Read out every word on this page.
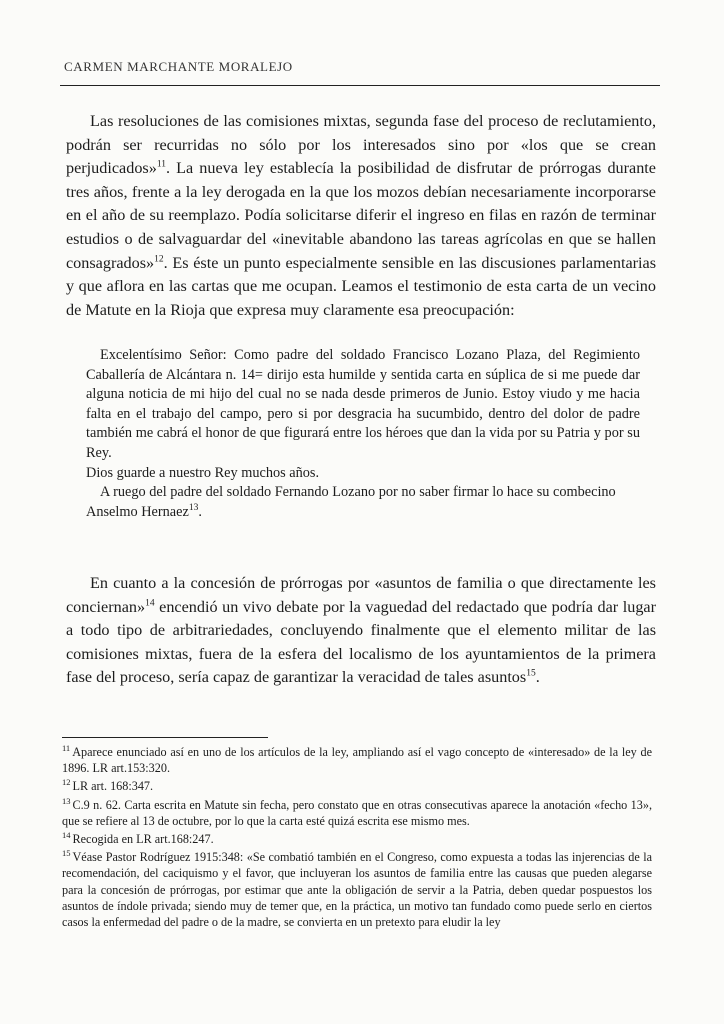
CARMEN MARCHANTE MORALEJO

Las resoluciones de las comisiones mixtas, segunda fase del proceso de reclutamiento, podrán ser recurridas no sólo por los interesados sino por «los que se crean perjudicados»$^{11}$. La nueva ley establecía la posibilidad de disfrutar de prórrogas durante tres años, frente a la ley derogada en la que los mozos debían necesariamente incorporarse en el año de su reemplazo. Podía solicitarse diferir el ingreso en filas en razón de terminar estudios o de salvaguardar del «inevitable abandono las tareas agrícolas en que se hallen consagrados»$^{12}$. Es éste un punto especialmente sensible en las discusiones parlamentarias y que aflora en las cartas que me ocupan. Leamos el testimonio de esta carta de un vecino de Matute en la Rioja que expresa muy claramente esa preocupación:

Excelentísimo Señor: Como padre del soldado Francisco Lozano Plaza, del Regimiento Caballería de Alcántara n. 14= dirijo esta humilde y sentida carta en súplica de si me puede dar alguna noticia de mi hijo del cual no se nada desde primeros de Junio. Estoy viudo y me hacia falta en el trabajo del campo, pero si por desgracia ha sucumbido, dentro del dolor de padre también me cabrá el honor de que figurará entre los héroes que dan la vida por su Patria y por su Rey.

Dios guarde a nuestro Rey muchos años.

A ruego del padre del soldado Fernando Lozano por no saber firmar lo hace su combecino

Anselmo Hernaez$^{13}$.

En cuanto a la concesión de prórrogas por «asuntos de familia o que directamente les conciernan»$^{14}$ encendió un vivo debate por la vaguedad del redactado que podría dar lugar a todo tipo de arbitrariedades, concluyendo finalmente que el elemento militar de las comisiones mixtas, fuera de la esfera del localismo de los ayuntamientos de la primera fase del proceso, sería capaz de garantizar la veracidad de tales asuntos$^{15}$.

$^{11}$ Aparece enunciado así en uno de los artículos de la ley, ampliando así el vago concepto de «interesado» de la ley de 1896. LR art.153:320.

$^{12}$ LR art. 168:347.

$^{13}$ C.9 n. 62. Carta escrita en Matute sin fecha, pero constato que en otras consecutivas aparece la anotación «fecho 13», que se refiere al 13 de octubre, por lo que la carta esté quizá escrita ese mismo mes.

$^{14}$ Recogida en LR art.168:247.

$^{15}$ Véase Pastor Rodríguez 1915:348: «Se combatió también en el Congreso, como expuesta a todas las injerencias de la recomendación, del caciquismo y el favor, que incluyeran los asuntos de familia entre las causas que pueden alegarse para la concesión de prórrogas, por estimar que ante la obligación de servir a la Patria, deben quedar pospuestos los asuntos de índole privada; siendo muy de temer que, en la práctica, un motivo tan fundado como puede serlo en ciertos casos la enfermedad del padre o de la madre, se convierta en un pretexto para eludir la ley
